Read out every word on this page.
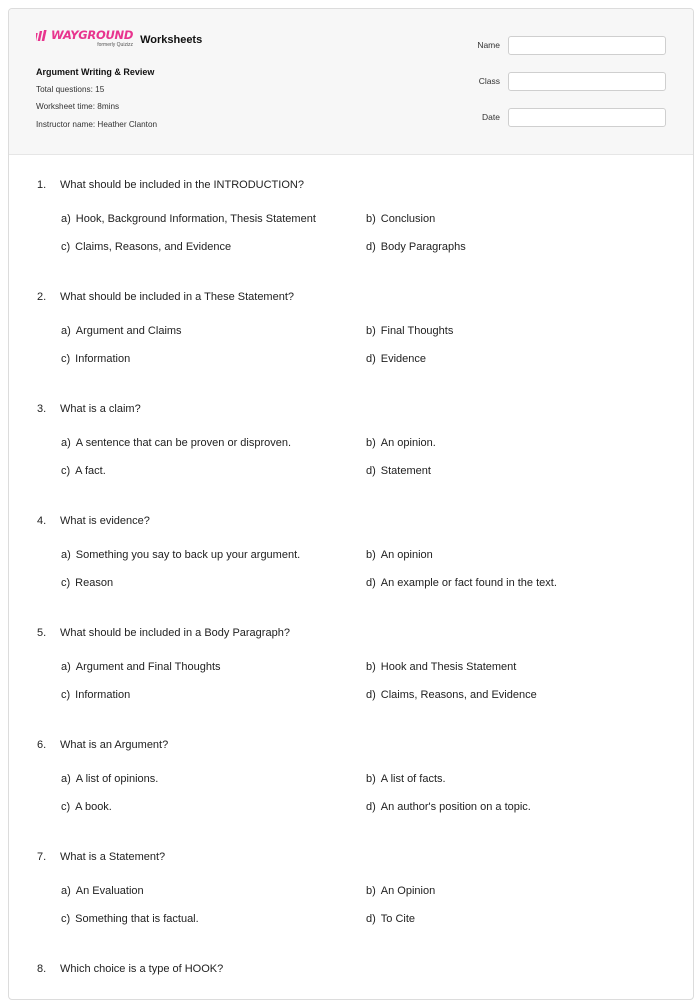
WAYGROUND
formerly Quizizz Worksheets
Argument Writing & Review
Total questions: 15
Worksheet time: 8mins
Instructor name: Heather Clanton
Name
Class
Date
1. What should be included in the INTRODUCTION?
a) Hook, Background Information, Thesis Statement	b) Conclusion
c) Claims, Reasons, and Evidence	d) Body Paragraphs
2. What should be included in a These Statement?
a) Argument and Claims	b) Final Thoughts
c) Information	d) Evidence
3. What is a claim?
a) A sentence that can be proven or disproven.	b) An opinion.
c) A fact.	d) Statement
4. What is evidence?
a) Something you say to back up your argument.	b) An opinion
c) Reason	d) An example or fact found in the text.
5. What should be included in a Body Paragraph?
a) Argument and Final Thoughts	b) Hook and Thesis Statement
c) Information	d) Claims, Reasons, and Evidence
6. What is an Argument?
a) A list of opinions.	b) A list of facts.
c) A book.	d) An author's position on a topic.
7. What is a Statement?
a) An Evaluation	b) An Opinion
c) Something that is factual.	d) To Cite
8. Which choice is a type of HOOK?
